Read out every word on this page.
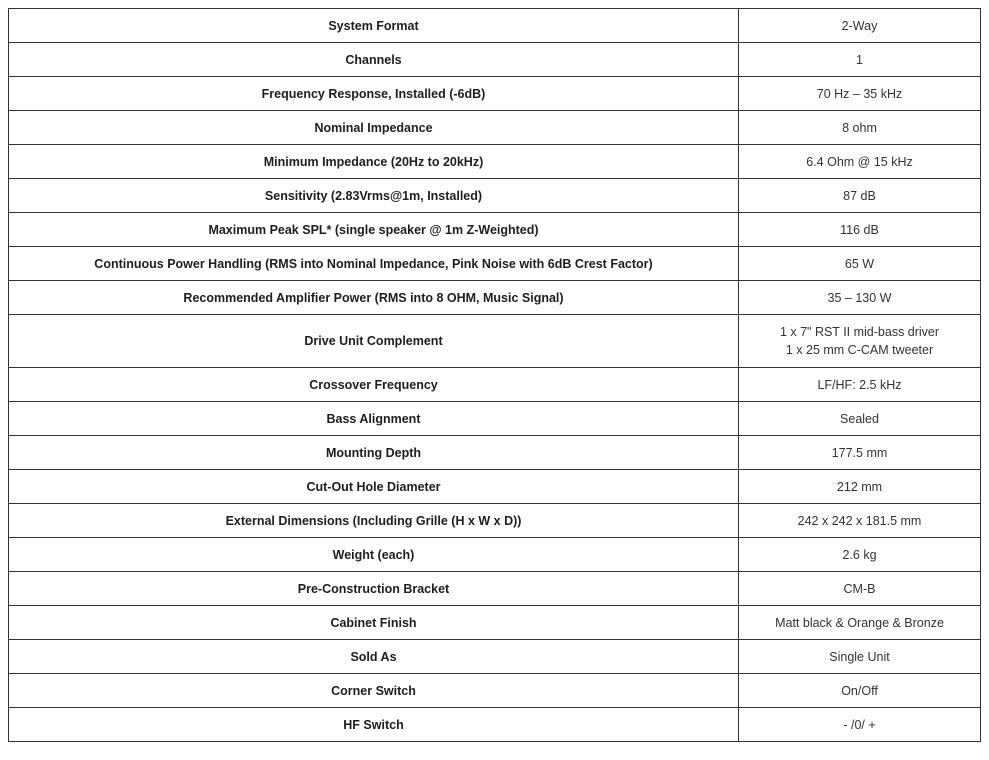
System Format	2-Way

Channels	1

Frequency Response, Installed (-6dB)	70 Hz – 35 kHz

Nominal Impedance	8 ohm

Minimum Impedance (20Hz to 20kHz)	6.4 Ohm @ 15 kHz

Sensitivity (2.83Vrms@1m, Installed)	87 dB

Maximum Peak SPL* (single speaker @ 1m Z-Weighted)	116 dB

Continuous Power Handling (RMS into Nominal Impedance, Pink Noise with 6dB Crest Factor)	65 W

Recommended Amplifier Power (RMS into 8 OHM, Music Signal)	35 – 130 W

Drive Unit Complement	1 x 7" RST II mid-bass driver
1 x 25 mm C-CAM tweeter

Crossover Frequency	LF/HF: 2.5 kHz

Bass Alignment	Sealed

Mounting Depth	177.5 mm

Cut-Out Hole Diameter	212 mm

External Dimensions (Including Grille (H x W x D))	242 x 242 x 181.5 mm

Weight (each)	2.6 kg

Pre-Construction Bracket	CM-B

Cabinet Finish	Matt black & Orange & Bronze

Sold As	Single Unit

Corner Switch	On/Off

HF Switch	- /0/ +
